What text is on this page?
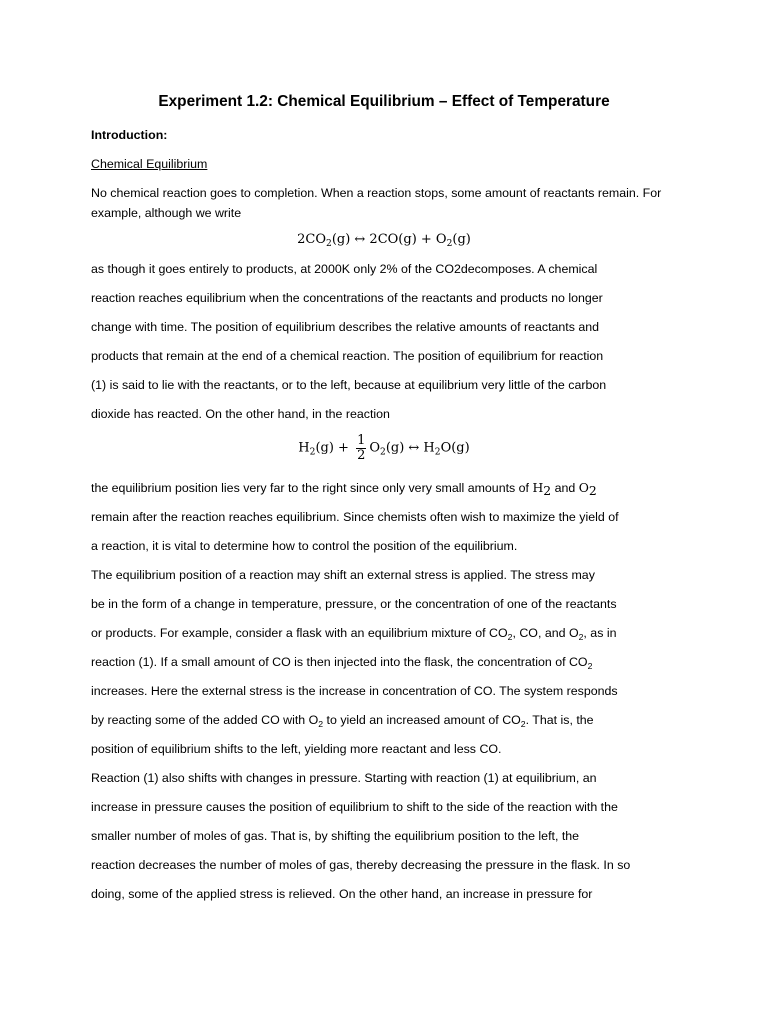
Experiment 1.2: Chemical Equilibrium – Effect of Temperature
Introduction:
Chemical Equilibrium
No chemical reaction goes to completion. When a reaction stops, some amount of reactants remain. For
example, although we write
$2CO_2(g)$ ↔ $2CO(g) + O_2(g)$
as though it goes entirely to products, at 2000K only 2% of the CO2decomposes. A chemical
reaction reaches equilibrium when the concentrations of the reactants and products no longer
change with time. The position of equilibrium describes the relative amounts of reactants and
products that remain at the end of a chemical reaction. The position of equilibrium for reaction
(1) is said to lie with the reactants, or to the left, because at equilibrium very little of the carbon
dioxide has reacted. On the other hand, in the reaction
$H_2(g) + \frac{1}{2} O_2(g)$ ↔ $H_2O(g)$
the equilibrium position lies very far to the right since only very small amounts of $H_2$ and $O_2$
remain after the reaction reaches equilibrium. Since chemists often wish to maximize the yield of
a reaction, it is vital to determine how to control the position of the equilibrium.
The equilibrium position of a reaction may shift an external stress is applied. The stress may
be in the form of a change in temperature, pressure, or the concentration of one of the reactants
or products. For example, consider a flask with an equilibrium mixture of $CO_2$, CO, and $O_2$, as in
reaction (1). If a small amount of CO is then injected into the flask, the concentration of $CO_2$
increases. Here the external stress is the increase in concentration of CO. The system responds
by reacting some of the added CO with $O_2$ to yield an increased amount of $CO_2$. That is, the
position of equilibrium shifts to the left, yielding more reactant and less CO.
Reaction (1) also shifts with changes in pressure. Starting with reaction (1) at equilibrium, an
increase in pressure causes the position of equilibrium to shift to the side of the reaction with the
smaller number of moles of gas. That is, by shifting the equilibrium position to the left, the
reaction decreases the number of moles of gas, thereby decreasing the pressure in the flask. In so
doing, some of the applied stress is relieved. On the other hand, an increase in pressure for
